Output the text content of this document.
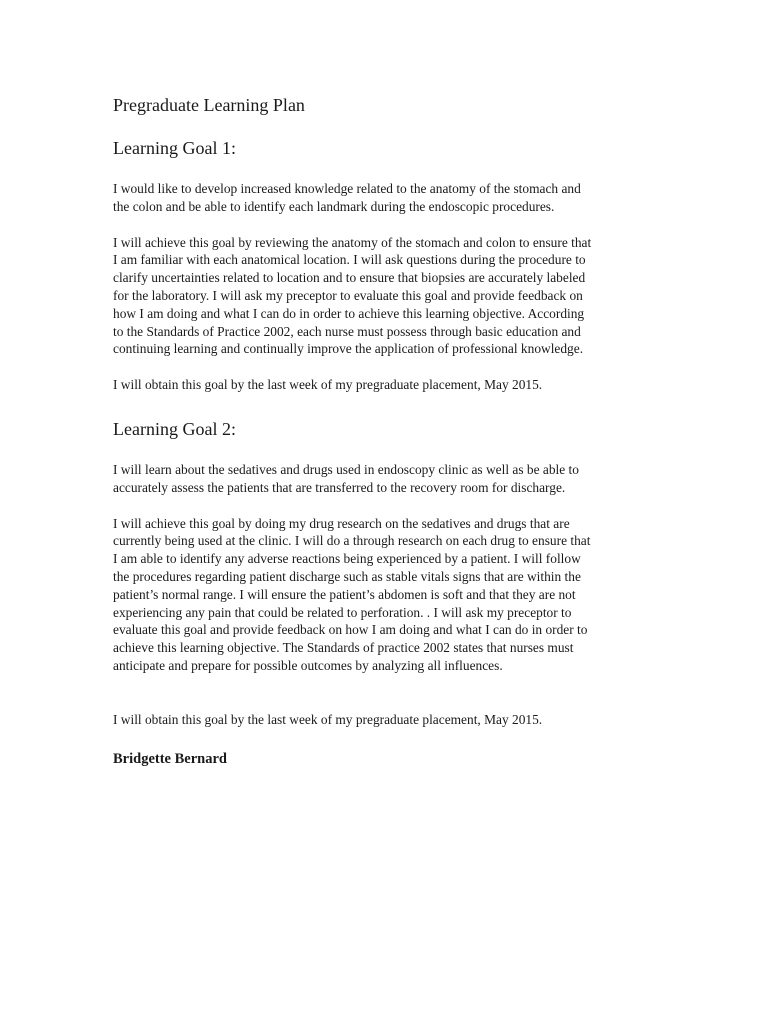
Pregraduate Learning Plan
Learning Goal 1:

I would like to develop increased knowledge related to the anatomy of the stomach and
the colon and be able to identify each landmark during the endoscopic procedures.

I will achieve this goal by reviewing the anatomy of the stomach and colon to ensure that
I am familiar with each anatomical location. I will ask questions during the procedure to
clarify uncertainties related to location and to ensure that biopsies are accurately labeled
for the laboratory. I will ask my preceptor to evaluate this goal and provide feedback on
how I am doing and what I can do in order to achieve this learning objective. According
to the Standards of Practice 2002, each nurse must possess through basic education and
continuing learning and continually improve the application of professional knowledge.

I will obtain this goal by the last week of my pregraduate placement, May 2015.

Learning Goal 2:

I will learn about the sedatives and drugs used in endoscopy clinic as well as be able to
accurately assess the patients that are transferred to the recovery room for discharge.

I will achieve this goal by doing my drug research on the sedatives and drugs that are
currently being used at the clinic. I will do a through research on each drug to ensure that
I am able to identify any adverse reactions being experienced by a patient. I will follow
the procedures regarding patient discharge such as stable vitals signs that are within the
patient’s normal range. I will ensure the patient’s abdomen is soft and that they are not
experiencing any pain that could be related to perforation. . I will ask my preceptor to
evaluate this goal and provide feedback on how I am doing and what I can do in order to
achieve this learning objective. The Standards of practice 2002 states that nurses must
anticipate and prepare for possible outcomes by analyzing all influences.

I will obtain this goal by the last week of my pregraduate placement, May 2015.

Bridgette Bernard
